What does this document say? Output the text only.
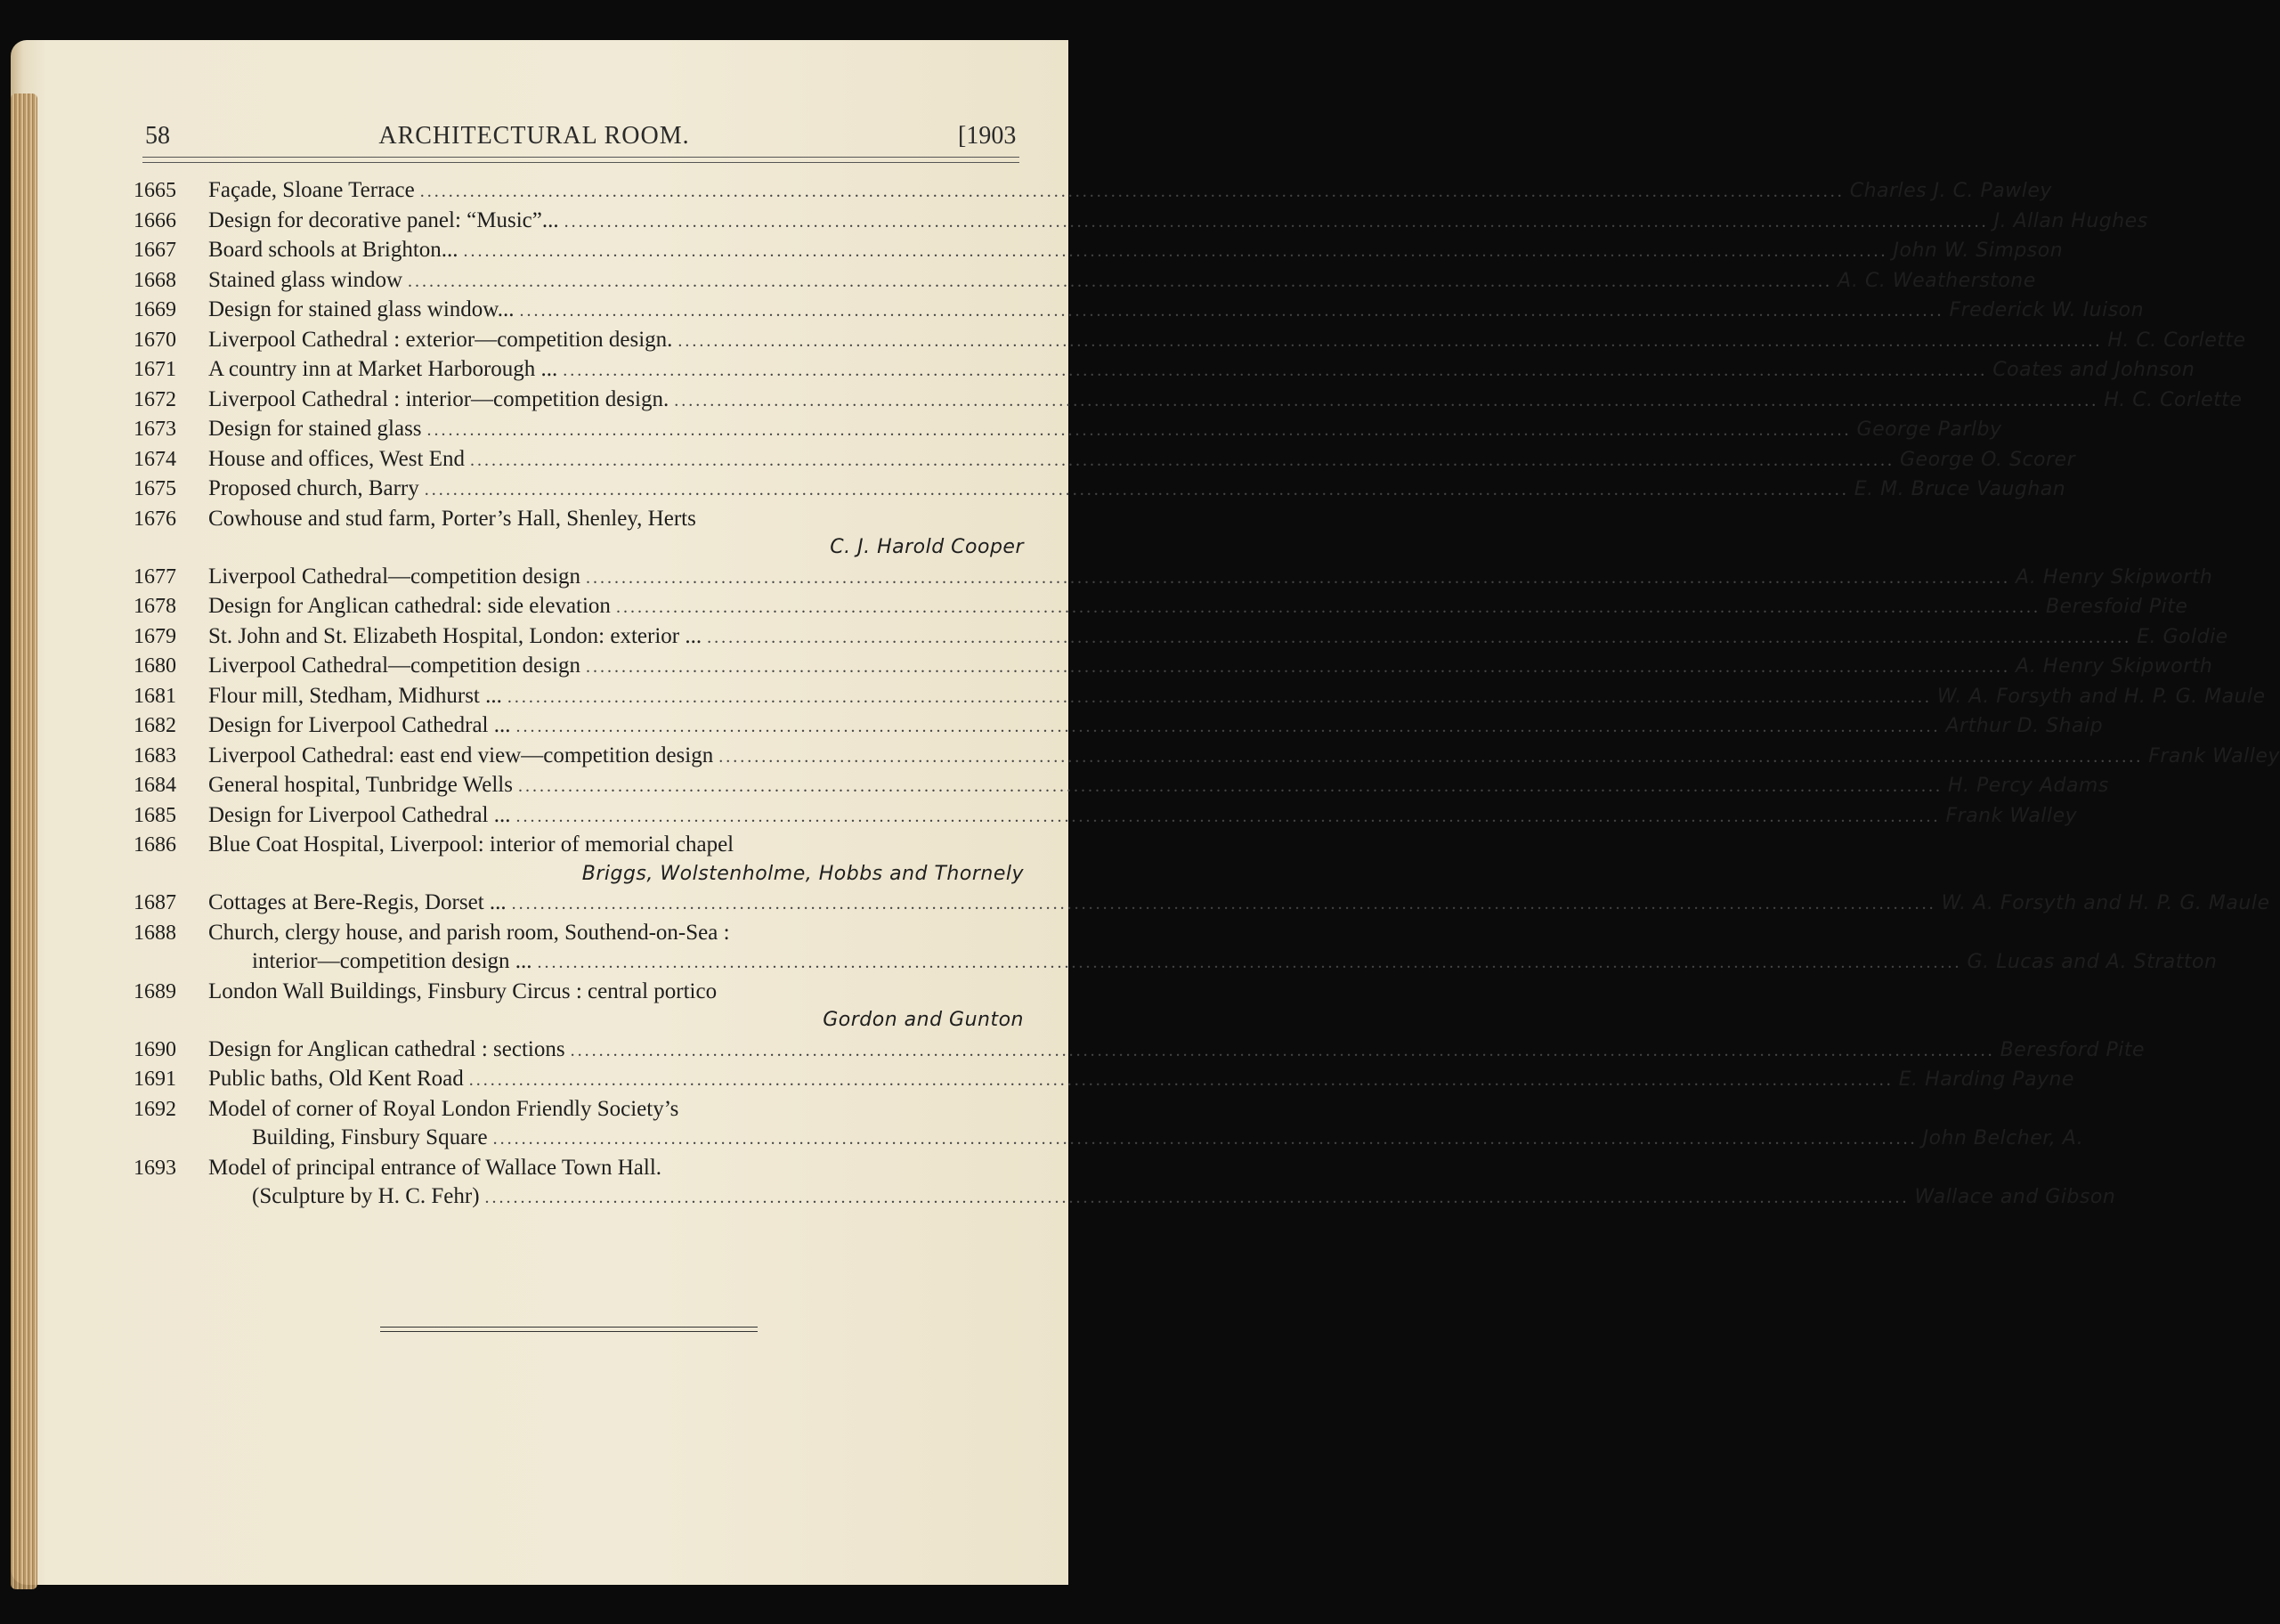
58	ARCHITECTURAL ROOM.	[1903
1665	Façade, Sloane Terrace ........................................................................................................................................................................................................ Charles J. C. Pawley
1666	Design for decorative panel: “Music”... ........................................................................................................................................................................................................ J. Allan Hughes
1667	Board schools at Brighton... ........................................................................................................................................................................................................ John W. Simpson
1668	Stained glass window ........................................................................................................................................................................................................ A. C. Weatherstone
1669	Design for stained glass window... ........................................................................................................................................................................................................ Frederick W. Iuison
1670	Liverpool Cathedral : exterior—competition design. ........................................................................................................................................................................................................ H. C. Corlette
1671	A country inn at Market Harborough ... ........................................................................................................................................................................................................ Coates and Johnson
1672	Liverpool Cathedral : interior—competition design. ........................................................................................................................................................................................................ H. C. Corlette
1673	Design for stained glass ........................................................................................................................................................................................................ George Parlby
1674	House and offices, West End ........................................................................................................................................................................................................ George O. Scorer
1675	Proposed church, Barry ........................................................................................................................................................................................................ E. M. Bruce Vaughan
1676	Cowhouse and stud farm, Porter’s Hall, Shenley, Herts
C. J. Harold Cooper
1677	Liverpool Cathedral—competition design ........................................................................................................................................................................................................ A. Henry Skipworth
1678	Design for Anglican cathedral: side elevation ........................................................................................................................................................................................................ Beresfoid Pite
1679	St. John and St. Elizabeth Hospital, London: exterior ... ........................................................................................................................................................................................................ E. Goldie
1680	Liverpool Cathedral—competition design ........................................................................................................................................................................................................ A. Henry Skipworth
1681	Flour mill, Stedham, Midhurst ... ........................................................................................................................................................................................................ W. A. Forsyth and H. P. G. Maule
1682	Design for Liverpool Cathedral ... ........................................................................................................................................................................................................ Arthur D. Shaip
1683	Liverpool Cathedral: east end view—competition design ........................................................................................................................................................................................................ Frank Walley
1684	General hospital, Tunbridge Wells ........................................................................................................................................................................................................ H. Percy Adams
1685	Design for Liverpool Cathedral ... ........................................................................................................................................................................................................ Frank Walley
1686	Blue Coat Hospital, Liverpool: interior of memorial chapel
Briggs, Wolstenholme, Hobbs and Thornely
1687	Cottages at Bere-Regis, Dorset ... ........................................................................................................................................................................................................ W. A. Forsyth and H. P. G. Maule
1688	Church, clergy house, and parish room, Southend-on-Sea :
interior—competition design ... ........................................................................................................................................................................................................ G. Lucas and A. Stratton
1689	London Wall Buildings, Finsbury Circus : central portico
Gordon and Gunton
1690	Design for Anglican cathedral : sections ........................................................................................................................................................................................................ Beresford Pite
1691	Public baths, Old Kent Road ........................................................................................................................................................................................................ E. Harding Payne
1692	Model of corner of Royal London Friendly Society’s
Building, Finsbury Square ........................................................................................................................................................................................................ John Belcher, A.
1693	Model of principal entrance of Wallace Town Hall.
(Sculpture by H. C. Fehr) ........................................................................................................................................................................................................ Wallace and Gibson
